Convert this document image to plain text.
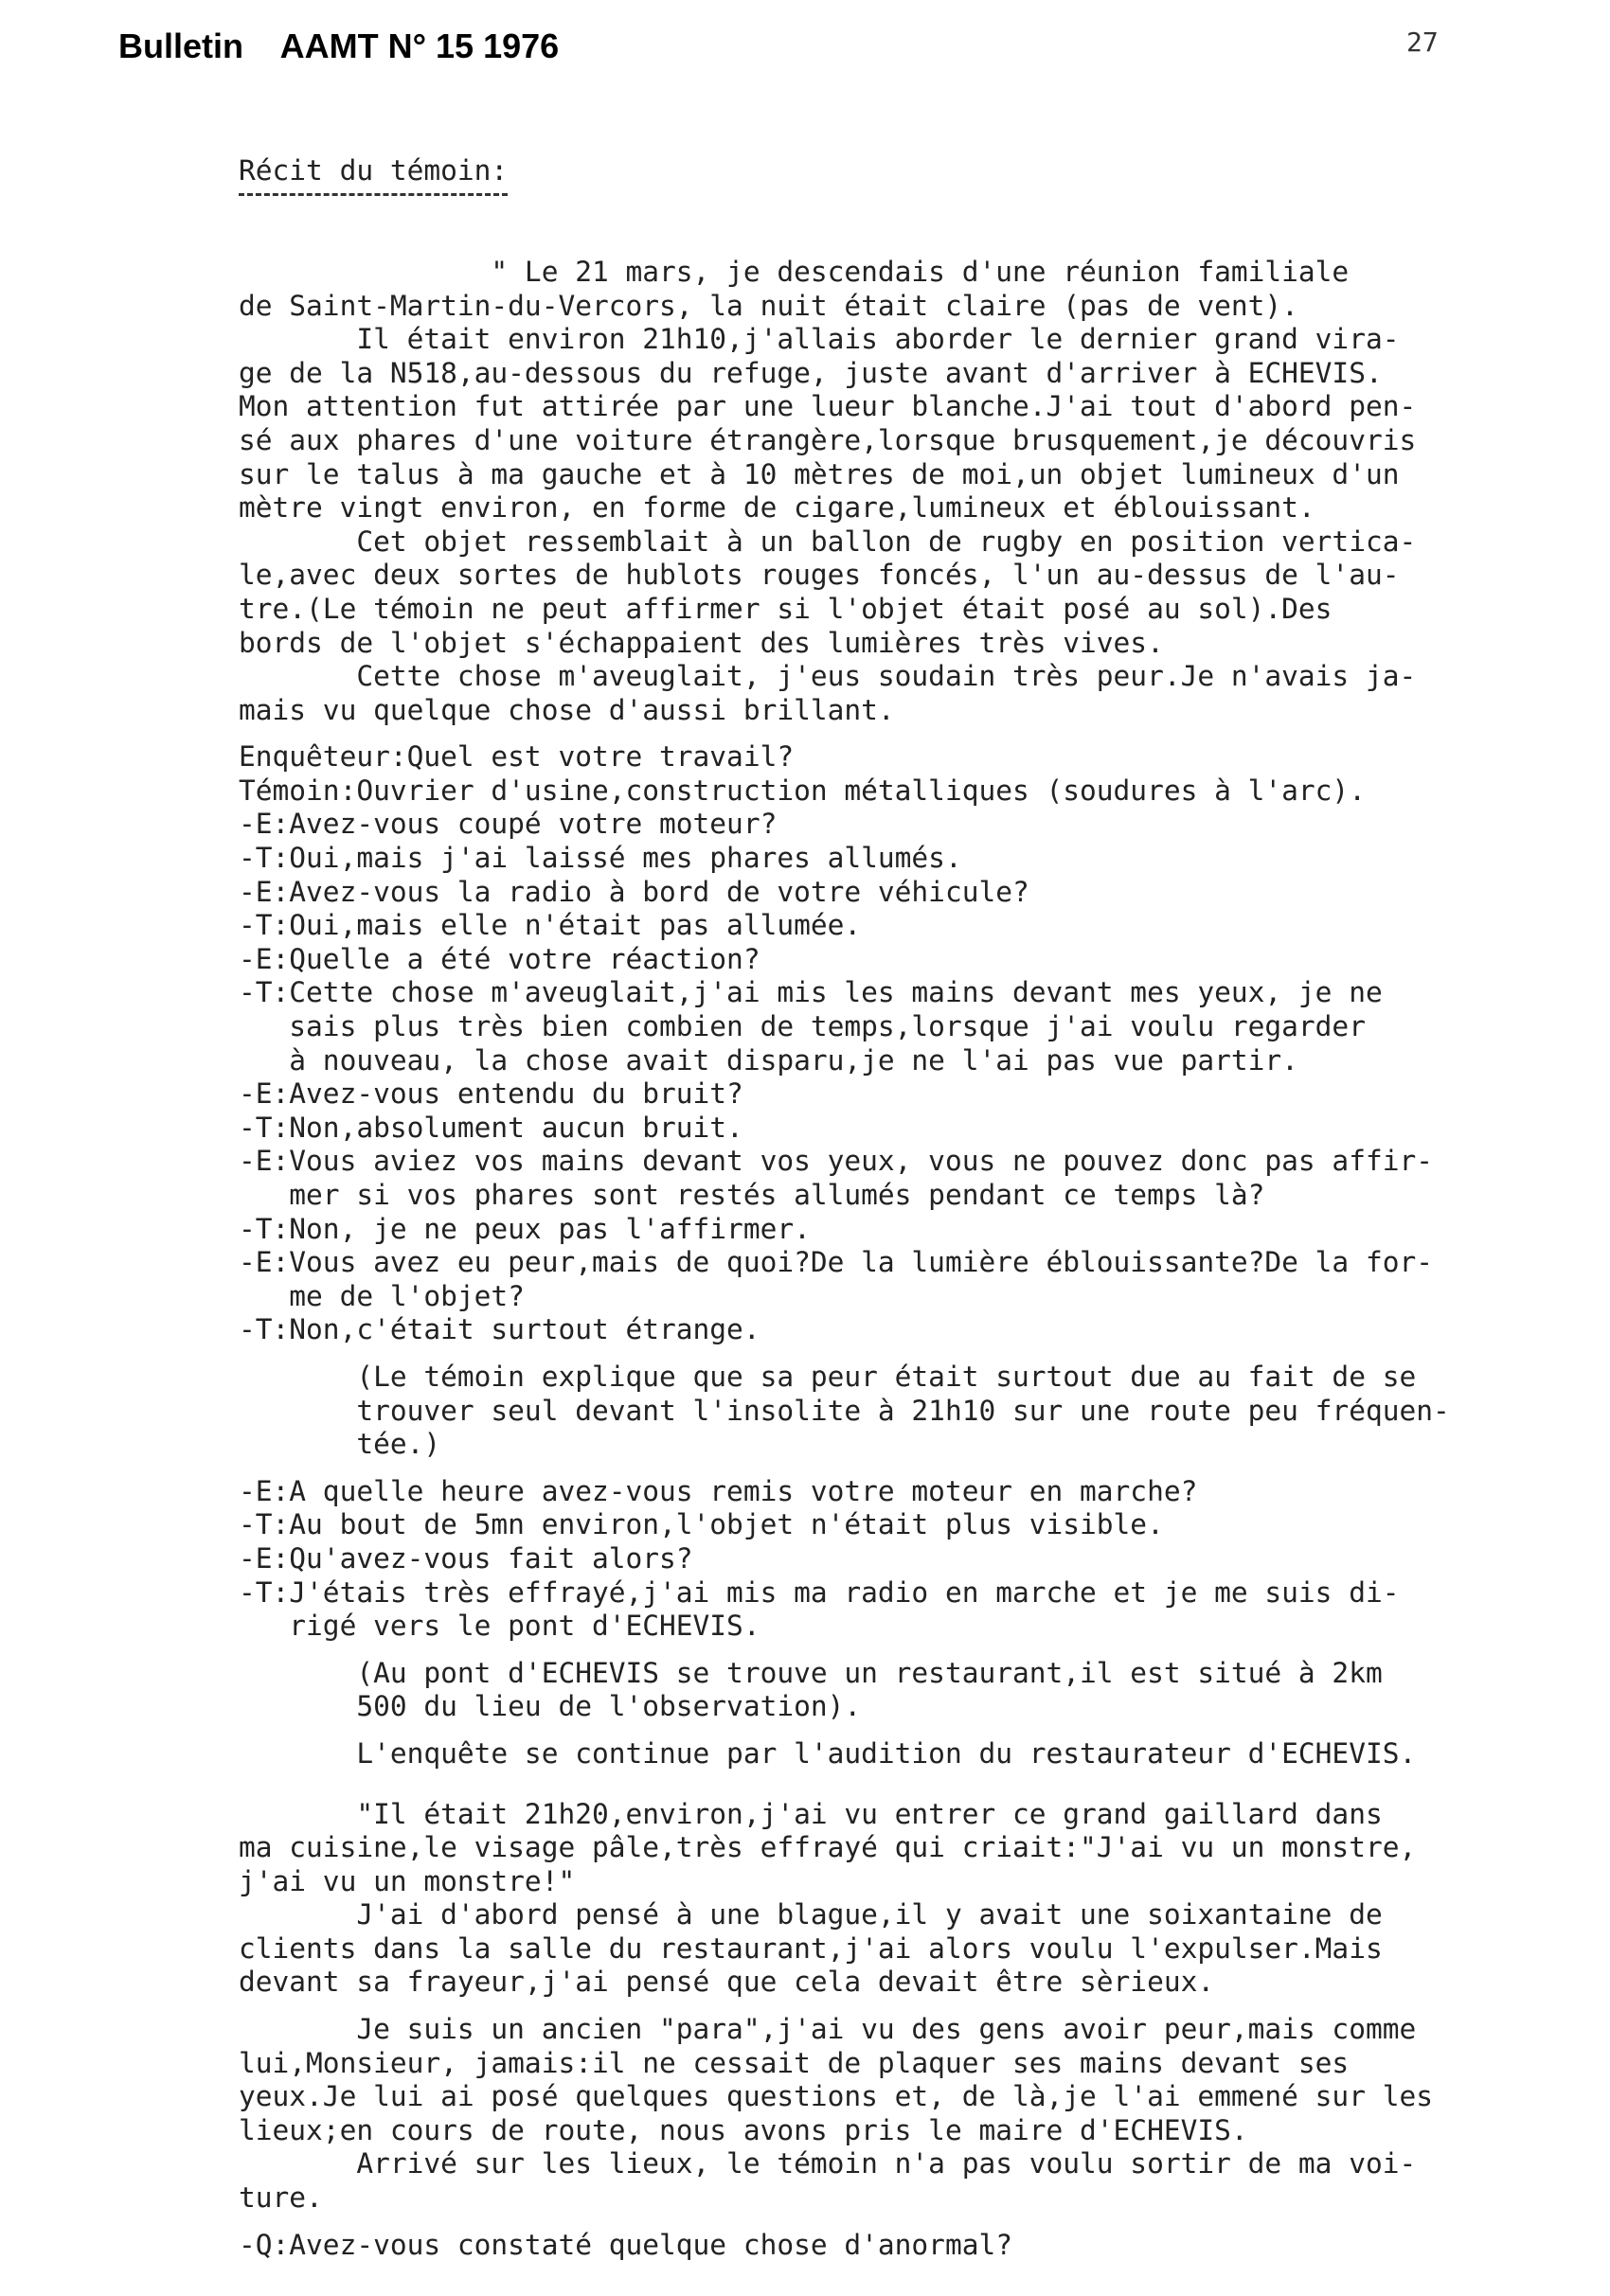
Bulletin    AAMT N° 15 1976	27

Récit du témoin:

" Le 21 mars, je descendais d'une réunion familiale
de Saint-Martin-du-Vercors, la nuit était claire (pas de vent).
Il était environ 21h10,j'allais aborder le dernier grand vira-
ge de la N518,au-dessous du refuge, juste avant d'arriver à ECHEVIS.
Mon attention fut attirée par une lueur blanche.J'ai tout d'abord pen-
sé aux phares d'une voiture étrangère,lorsque brusquement,je découvris
sur le talus à ma gauche et à 10 mètres de moi,un objet lumineux d'un
mètre vingt environ, en forme de cigare,lumineux et éblouissant.
Cet objet ressemblait à un ballon de rugby en position vertica-
le,avec deux sortes de hublots rouges foncés, l'un au-dessus de l'au-
tre.(Le témoin ne peut affirmer si l'objet était posé au sol).Des
bords de l'objet s'échappaient des lumières très vives.
Cette chose m'aveuglait, j'eus soudain très peur.Je n'avais ja-
mais vu quelque chose d'aussi brillant.
Enquêteur:Quel est votre travail?
Témoin:Ouvrier d'usine,construction métalliques (soudures à l'arc).
-E:Avez-vous coupé votre moteur?
-T:Oui,mais j'ai laissé mes phares allumés.
-E:Avez-vous la radio à bord de votre véhicule?
-T:Oui,mais elle n'était pas allumée.
-E:Quelle a été votre réaction?
-T:Cette chose m'aveuglait,j'ai mis les mains devant mes yeux, je ne
sais plus très bien combien de temps,lorsque j'ai voulu regarder
à nouveau, la chose avait disparu,je ne l'ai pas vue partir.
-E:Avez-vous entendu du bruit?
-T:Non,absolument aucun bruit.
-E:Vous aviez vos mains devant vos yeux, vous ne pouvez donc pas affir-
mer si vos phares sont restés allumés pendant ce temps là?
-T:Non, je ne peux pas l'affirmer.
-E:Vous avez eu peur,mais de quoi?De la lumière éblouissante?De la for-
me de l'objet?
-T:Non,c'était surtout étrange.
(Le témoin explique que sa peur était surtout due au fait de se
trouver seul devant l'insolite à 21h10 sur une route peu fréquen-
tée.)
-E:A quelle heure avez-vous remis votre moteur en marche?
-T:Au bout de 5mn environ,l'objet n'était plus visible.
-E:Qu'avez-vous fait alors?
-T:J'étais très effrayé,j'ai mis ma radio en marche et je me suis di-
rigé vers le pont d'ECHEVIS.
(Au pont d'ECHEVIS se trouve un restaurant,il est situé à 2km
500 du lieu de l'observation).
L'enquête se continue par l'audition du restaurateur d'ECHEVIS.
"Il était 21h20,environ,j'ai vu entrer ce grand gaillard dans
ma cuisine,le visage pâle,très effrayé qui criait:"J'ai vu un monstre,
j'ai vu un monstre!"
J'ai d'abord pensé à une blague,il y avait une soixantaine de
clients dans la salle du restaurant,j'ai alors voulu l'expulser.Mais
devant sa frayeur,j'ai pensé que cela devait être sèrieux.
Je suis un ancien "para",j'ai vu des gens avoir peur,mais comme
lui,Monsieur, jamais:il ne cessait de plaquer ses mains devant ses
yeux.Je lui ai posé quelques questions et, de là,je l'ai emmené sur les
lieux;en cours de route, nous avons pris le maire d'ECHEVIS.
Arrivé sur les lieux, le témoin n'a pas voulu sortir de ma voi-
ture.
-Q:Avez-vous constaté quelque chose d'anormal?
